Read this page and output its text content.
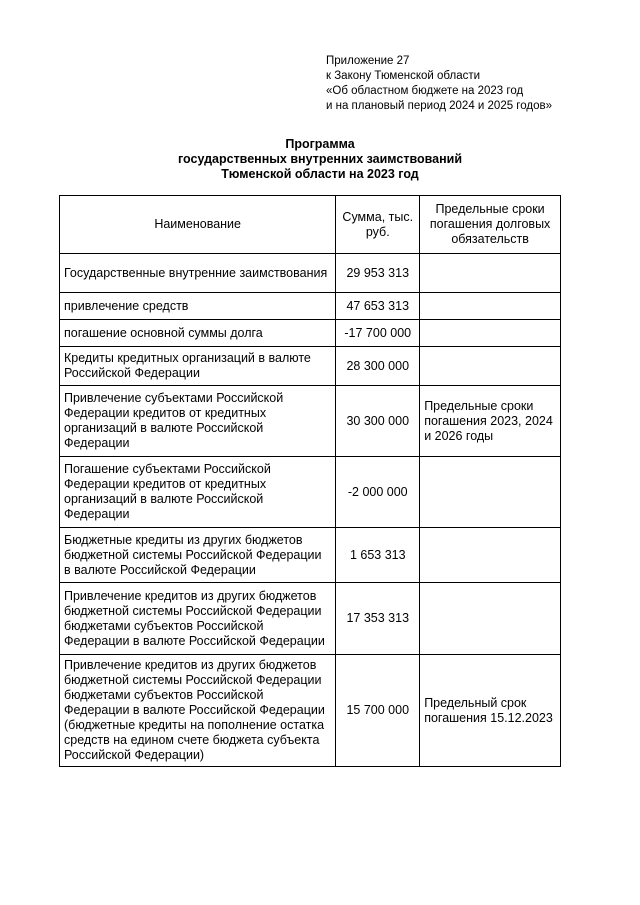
Приложение 27
к Закону Тюменской области
«Об областном бюджете на 2023 год
и на плановый период 2024 и 2025 годов»
Программа
государственных внутренних заимствований
Тюменской области на 2023 год
Наименование	Сумма, тыс. руб.	Предельные сроки погашения долговых обязательств
Государственные внутренние заимствования	29 953 313	
привлечение средств	47 653 313	
погашение основной суммы долга	-17 700 000	
Кредиты кредитных организаций в валюте Российской Федерации	28 300 000	
Привлечение субъектами Российской Федерации кредитов от кредитных организаций в валюте Российской Федерации	30 300 000	Предельные сроки погашения 2023, 2024 и 2026 годы
Погашение субъектами Российской Федерации кредитов от кредитных организаций в валюте Российской Федерации	-2 000 000	
Бюджетные кредиты из других бюджетов бюджетной системы Российской Федерации в валюте Российской Федерации	1 653 313	
Привлечение кредитов из других бюджетов бюджетной системы Российской Федерации бюджетами субъектов Российской Федерации в валюте Российской Федерации	17 353 313	
Привлечение кредитов из других бюджетов бюджетной системы Российской Федерации бюджетами субъектов Российской Федерации в валюте Российской Федерации (бюджетные кредиты на пополнение остатка средств на едином счете бюджета субъекта Российской Федерации)	15 700 000	Предельный срок погашения 15.12.2023
